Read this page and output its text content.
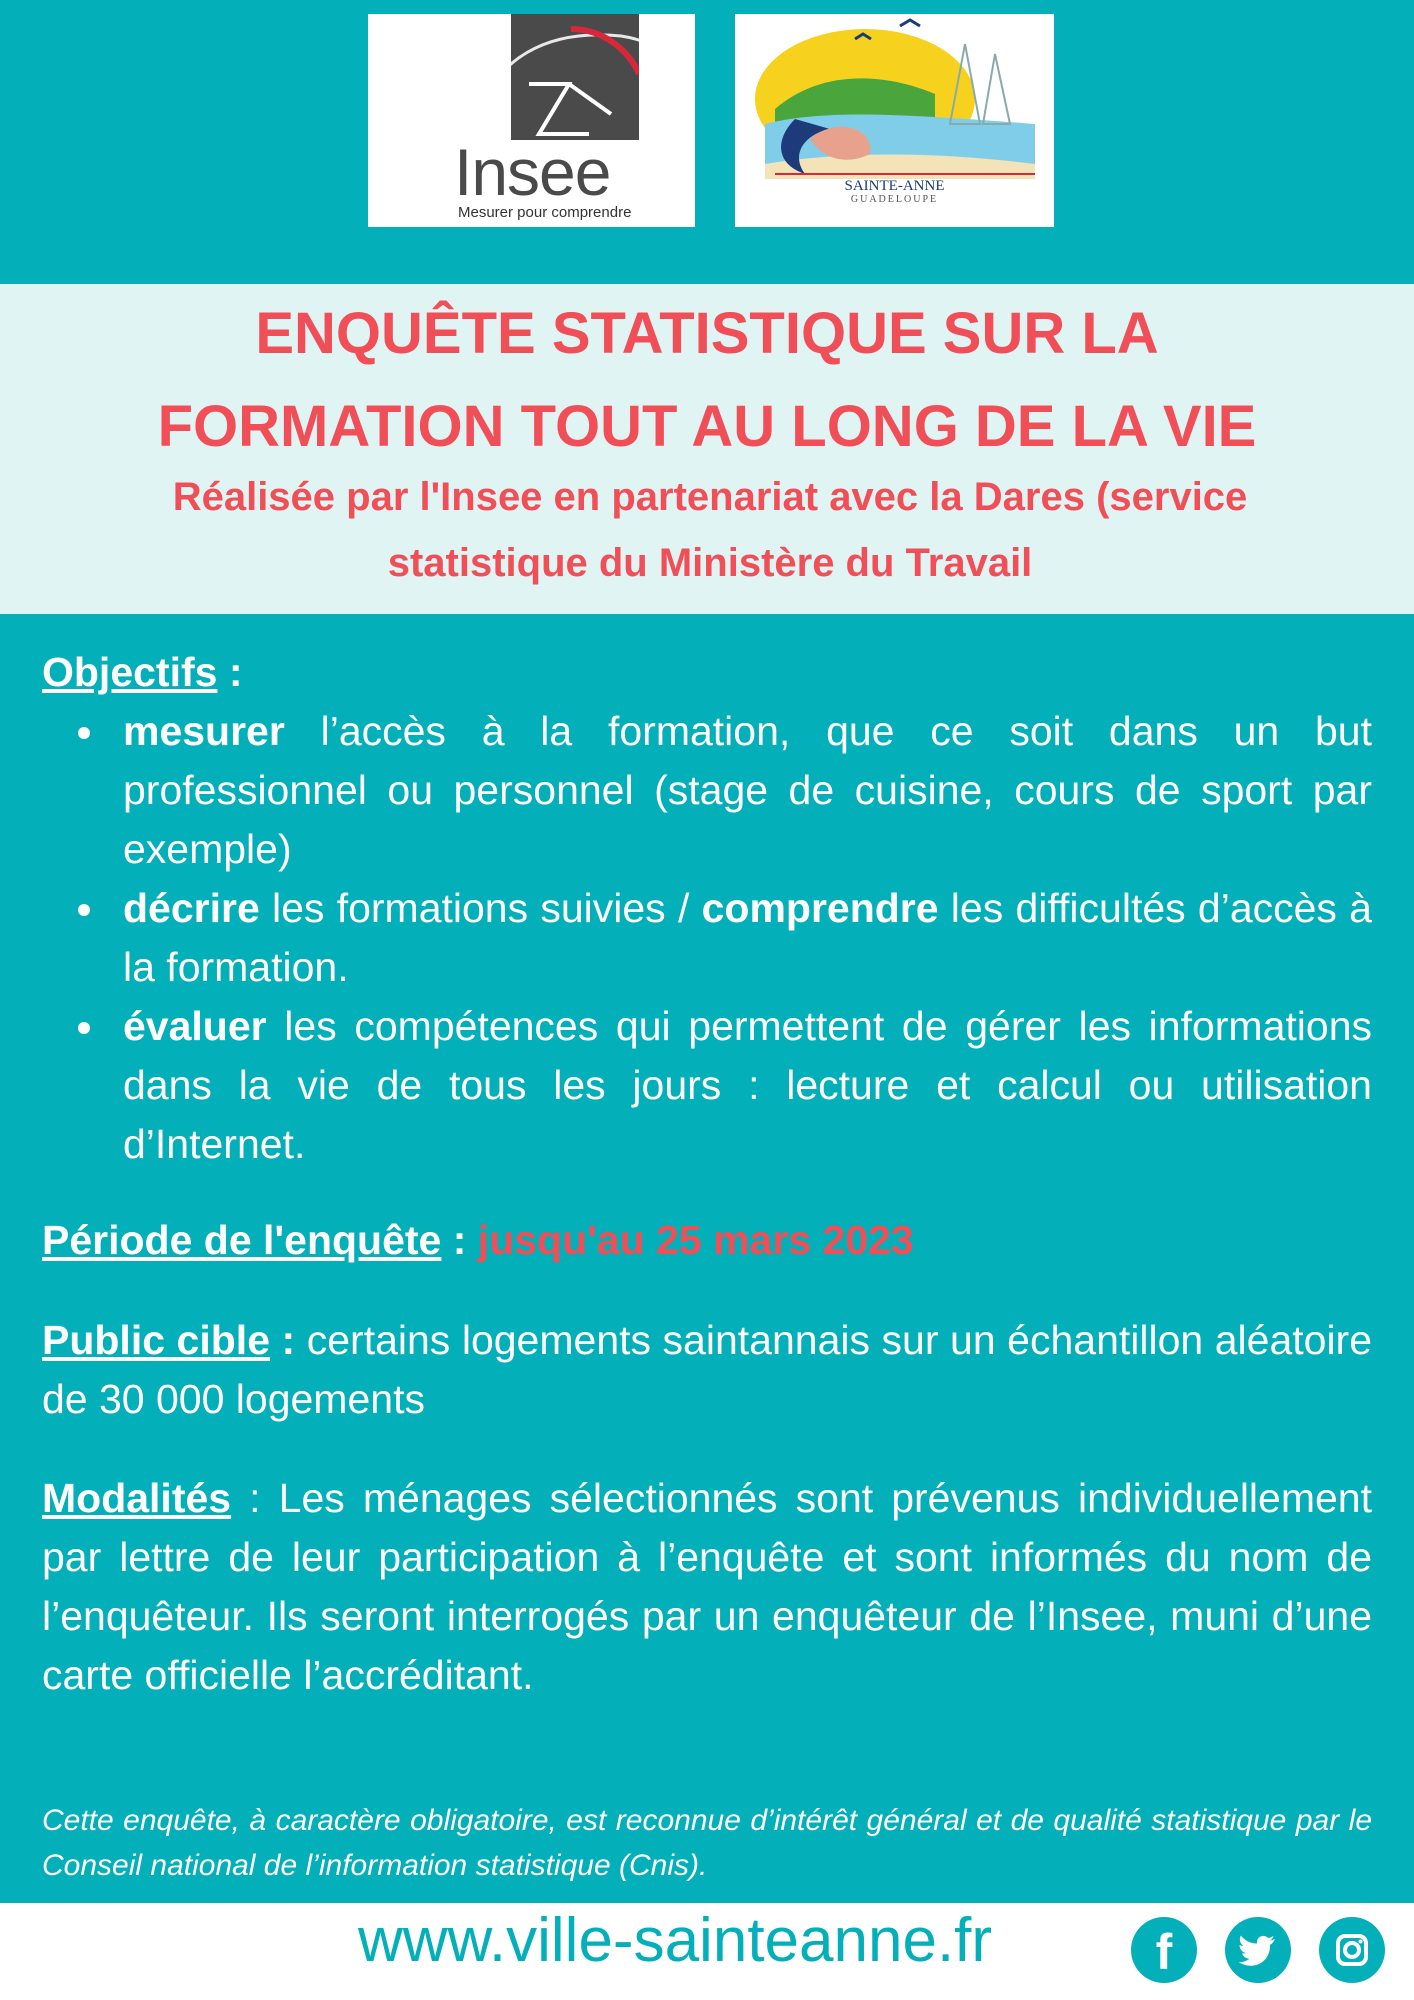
Insee
Mesurer pour comprendre
SAINTE-ANNE
GUADELOUPE
ENQUÊTE STATISTIQUE SUR LA
FORMATION TOUT AU LONG DE LA VIE
Réalisée par l'Insee en partenariat avec la Dares (service
statistique du Ministère du Travail
Objectifs :
mesurer l’accès à la formation, que ce soit dans un but professionnel ou personnel (stage de cuisine, cours de sport par exemple)
décrire les formations suivies / comprendre les difficultés d’accès à la formation.
évaluer les compétences qui permettent de gérer les informations dans la vie de tous les jours : lecture et calcul ou utilisation d’Internet.
Période de l'enquête : jusqu'au 25 mars 2023
Public cible : certains logements saintannais sur un échantillon aléatoire de 30 000 logements
Modalités : Les ménages sélectionnés sont prévenus individuellement par lettre de leur participation à l’enquête et sont informés du nom de l’enquêteur. Ils seront interrogés par un enquêteur de l’Insee, muni d’une carte officielle l’accréditant.
Cette enquête, à caractère obligatoire, est reconnue d’intérêt général et de qualité statistique par le Conseil national de l’information statistique (Cnis).
www.ville-sainteanne.fr	f
